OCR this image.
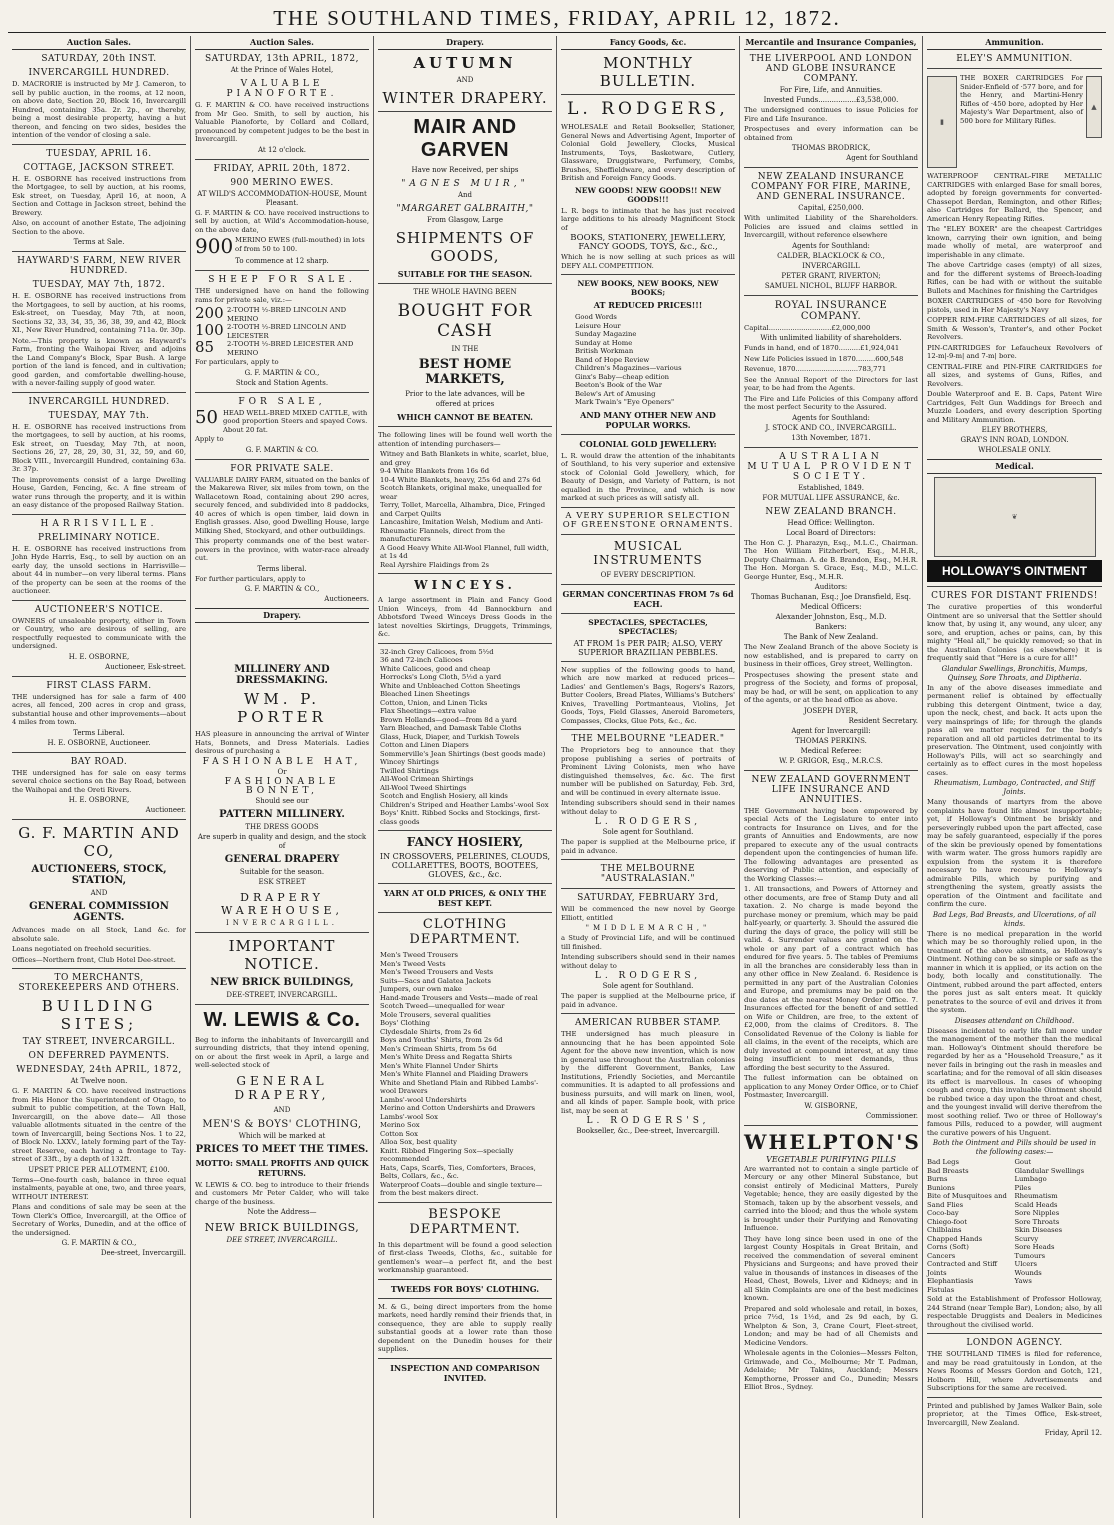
THE SOUTHLAND TIMES, FRIDAY, APRIL 12, 1872.
Auction Sales.
SATURDAY, 20th INST.
INVERCARGILL HUNDRED.
D. MACRORIE is instructed by Mr J. Cameron, to sell by public auction, in the rooms, at 12 noon, on above date, Section 20, Block 16, Invercargill Hundred, containing 35a. 2r. 2p., or thereby, being a most desirable property, having a hut thereon, and fencing on two sides, besides the intention of the vendor of closing a sale.
TUESDAY, APRIL 16.
COTTAGE, JACKSON STREET.
H. E. OSBORNE has received instructions from the Mortgagee, to sell by auction, at his rooms, Esk street, on Tuesday, April 16, at noon, A Section and Cottage in Jackson street, behind the Brewery.
Also, on account of another Estate, The adjoining Section to the above.
Terms at Sale.
HAYWARD'S FARM, NEW RIVER HUNDRED.
TUESDAY, MAY 7th, 1872.
H. E. OSBORNE has received instructions from the Mortgagees, to sell by auction, at his rooms, Esk-street, on Tuesday, May 7th, at noon, Sections 32, 33, 34, 35, 36, 38, 39, and 42, Block XI., New River Hundred, containing 711a. 0r. 30p.
Note.—This property is known as Hayward's Farm, fronting the Waihopai River, and adjoins the Land Company's Block, Spar Bush. A large portion of the land is fenced, and in cultivation; good garden, and comfortable dwelling-house, with a never-failing supply of good water.
INVERCARGILL HUNDRED.
TUESDAY, MAY 7th.
H. E. OSBORNE has received instructions from the mortgagees, to sell by auction, at his rooms, Esk street, on Tuesday, May 7th, at noon, Sections 26, 27, 28, 29, 30, 31, 32, 59, and 60, Block VIII., Invercargill Hundred, containing 63a. 3r. 37p.
The improvements consist of a large Dwelling House, Garden, Fencing, &c. A fine stream of water runs through the property, and it is within an easy distance of the proposed Railway Station.
HARRISVILLE.
PRELIMINARY NOTICE.
H. E. OSBORNE has received instructions from John Hyde Harris, Esq., to sell by auction on an early day, the unsold sections in Harrisville—about 44 in number—on very liberal terms. Plans of the property can be seen at the rooms of the auctioneer.
AUCTIONEER'S NOTICE.
OWNERS of unsaleable property, either in Town or Country, who are desirous of selling, are respectfully requested to communicate with the undersigned.
H. E. OSBORNE,
Auctioneer, Esk-street.
FIRST CLASS FARM.
THE undersigned has for sale a farm of 400 acres, all fenced, 200 acres in crop and grass, substantial house and other improvements—about 4 miles from town.
Terms Liberal.
H. E. OSBORNE, Auctioneer.
BAY ROAD.
THE undersigned has for sale on easy terms several choice sections on the Bay Road, between the Waihopai and the Oreti Rivers.
H. E. OSBORNE,
Auctioneer.
G. F. MARTIN AND CO,
AUCTIONEERS, STOCK, STATION,
AND
GENERAL COMMISSION AGENTS.
Advances made on all Stock, Land &c. for absolute sale.
Loans negotiated on freehold securities.
Offices—Northern front, Club Hotel Dee-street.
TO MERCHANTS, STOREKEEPERS AND OTHERS.
BUILDING SITES;
TAY STREET, INVERCARGILL.
ON DEFERRED PAYMENTS.
WEDNESDAY, 24th APRIL, 1872,
At Twelve noon.
G. F. MARTIN & CO. have received instructions from His Honor the Superintendent of Otago, to submit to public competition, at the Town Hall, Invercargill, on the above date— All those valuable allotments situated in the centre of the town of Invercargill, being Sections Nos. 1 to 22, of Block No. LXXV., lately forming part of the Tay-street Reserve, each having a frontage to Tay-street of 33ft., by a depth of 132ft.
UPSET PRICE PER ALLOTMENT, £100.
Terms—One-fourth cash, balance in three equal instalments, payable at one, two, and three years, WITHOUT INTEREST.
Plans and conditions of sale may be seen at the Town Clerk's Office, Invercargill, at the Office of Secretary of Works, Dunedin, and at the office of the undersigned.
G. F. MARTIN & CO.,
Dee-street, Invercargill.
Auction Sales.
SATURDAY, 13th APRIL, 1872,
At the Prince of Wales Hotel,
VALUABLE PIANOFORTE.
G. F. MARTIN & CO. have received instructions from Mr Geo. Smith, to sell by auction, his Valuable Pianoforte, by Collard and Collard, pronounced by competent judges to be the best in Invercargill.
At 12 o'clock.
FRIDAY, APRIL 20th, 1872.
900 MERINO EWES.
AT WILD'S ACCOMMODATION-HOUSE, Mount Pleasant.
G. F. MARTIN & CO. have received instructions to sell by auction, at Wild's Accommodation-house, on the above date,
900 MERINO EWES (full-mouthed) in lots of from 50 to 100.
To commence at 12 sharp.
SHEEP FOR SALE.
THE undersigned have on hand the following rams for private sale, viz.:—
200 2-TOOTH ½-BRED LINCOLN AND MERINO
100 2-TOOTH ½-BRED LINCOLN AND LEICESTER
85	2-TOOTH ½-BRED LEICESTER AND MERINO
For particulars, apply to
G. F. MARTIN & CO.,
Stock and Station Agents.
FOR SALE,
50 HEAD WELL-BRED MIXED CATTLE, with good proportion Steers and spayed Cows. About 20 fat.
Apply to
G. F. MARTIN & CO.
FOR PRIVATE SALE.
VALUABLE DAIRY FARM, situated on the banks of the Makarewa River, six miles from town, on the Wallacetown Road, containing about 290 acres, securely fenced, and subdivided into 8 paddocks, 40 acres of which is open timber, laid down in English grasses. Also, good Dwelling House, large Milking Shed, Stockyard, and other outbuildings.
This property commands one of the best water-powers in the province, with water-race already cut.
Terms liberal.
For further particulars, apply to
G. F. MARTIN & CO.,
Auctioneers.
Drapery.
MILLINERY AND DRESSMAKING.
WM. P. PORTER
HAS pleasure in announcing the arrival of Winter Hats, Bonnets, and Dress Materials. Ladies desirous of purchasing a
FASHIONABLE HAT,
Or
FASHIONABLE BONNET,
Should see our
PATTERN MILLINERY.
THE DRESS GOODS
Are superb in quality and design, and the stock of
GENERAL DRAPERY
Suitable for the season.
ESK STREET
DRAPERY WAREHOUSE,
INVERCARGILL.
IMPORTANT NOTICE.
NEW BRICK BUILDINGS,
DEE-STREET, INVERCARGILL.
W. LEWIS & Co.
Beg to inform the inhabitants of Invercargill and surrounding districts, that they intend opening, on or about the first week in April, a large and well-selected stock of
GENERAL DRAPERY,
AND
MEN'S & BOYS' CLOTHING,
Which will be marked at
PRICES TO MEET THE TIMES.
MOTTO: SMALL PROFITS AND QUICK RETURNS.
W. LEWIS & CO. beg to introduce to their friends and customers Mr Peter Calder, who will take charge of the business.
Note the Address—
NEW BRICK BUILDINGS,
DEE STREET, INVERCARGILL.
Drapery.
AUTUMN
AND
WINTER DRAPERY.
MAIR AND GARVEN
Have now Received, per ships
"AGNES MUIR,"
And
"MARGARET GALBRAITH,"
From Glasgow, Large
SHIPMENTS OF GOODS,
SUITABLE FOR THE SEASON.
THE WHOLE HAVING BEEN
BOUGHT FOR CASH
IN THE
BEST HOME MARKETS,
Prior to the late advances, will be
offered at prices
WHICH CANNOT BE BEATEN.
The following lines will be found well worth the attention of intending purchasers—
Witney and Bath Blankets in white, scarlet, blue, and grey
9-4 White Blankets from 16s 6d
10-4 White Blankets, heavy, 25s 6d and 27s 6d
Scotch Blankets, original make, unequalled for wear
Terry, Tollet, Marcella, Alhambra, Dice, Fringed and Carpet Quilts
Lancashire, Imitation Welsh, Medium and Anti-Rheumatic Flannels, direct from the manufacturers
A Good Heavy White All-Wool Flannel, full width, at 1s 4d
Real Ayrshire Flaidings from 2s
WINCEYS.
A large assortment in Plain and Fancy Good Union Winceys, from 4d Bannockburn and Abbotsford Tweed Winceys Dress Goods in the latest novelties Skirtings, Druggets, Trimmings, &c.
32-inch Grey Calicoes, from 5½d
36 and 72-inch Calicoes
White Calicoes, good and cheap
Horrocks's Long Cloth, 5½d a yard
White and Unbleached Cotton Sheetings
Bleached Linen Sheetings
Cotton, Union, and Linen Ticks
Flax Sheetings—extra value
Brown Hollands—good—from 8d a yard
Yarn Bleached, and Damask Table Cloths
Glass, Huck, Diaper, and Turkish Towels
Cotton and Linen Diapers
Sommerville's Jean Shirtings (best goods made)
Wincey Shirtings
Twilled Shirtings
All-Wool Crimean Shirtings
All-Wool Tweed Shirtings
Scotch and English Hosiery, all kinds
Children's Striped and Heather Lambs'-wool Sox
Boys' Knitt. Ribbed Socks and Stockings, first-class goods
FANCY HOSIERY,
IN CROSSOVERS, PELERINES, CLOUDS, COLLARETTES, BOOTS, BOOTEES, GLOVES, &c., &c.
YARN AT OLD PRICES, & ONLY THE BEST KEPT.
CLOTHING DEPARTMENT.
Men's Tweed Trousers
Men's Tweed Vests
Men's Tweed Trousers and Vests
Suits—Sacs and Galatea Jackets
Jumpers, our own make
Hand-made Trousers and Vests—made of real Scotch Tweed—unequalled for wear
Mole Trousers, several qualities
Boys' Clothing
Clydesdale Shirts, from 2s 6d
Boys and Youths' Shirts, from 2s 6d
Men's Crimean Shirts, from 5s 6d
Men's White Dress and Regatta Shirts
Men's White Flannel Under Shirts
Men's White Flannel and Plaiding Drawers
White and Shetland Plain and Ribbed Lambs'-wool Drawers
Lambs'-wool Undershirts
Merino and Cotton Undershirts and Drawers
Lambs'-wool Sox
Merino Sox
Cotton Sox
Alloa Sox, best quality
Knitt. Ribbed Fingering Sox—specially recommended
Hats, Caps, Scarfs, Ties, Comforters, Braces, Belts, Collars, &c., &c.
Waterproof Coats—double and single texture—from the best makers direct.
BESPOKE DEPARTMENT.
In this department will be found a good selection of first-class Tweeds, Cloths, &c., suitable for gentlemen's wear—a perfect fit, and the best workmanship guaranteed.
TWEEDS FOR BOYS' CLOTHING.
M. & G., being direct importers from the home markets, need hardly remind their friends that, in consequence, they are able to supply really substantial goods at a lower rate than those dependent on the Dunedin houses for their supplies.
INSPECTION AND COMPARISON INVITED.
Fancy Goods, &c.
MONTHLY BULLETIN.
L. RODGERS,
WHOLESALE and Retail Bookseller, Stationer, General News and Advertising Agent, Importer of Colonial Gold Jewellery, Clocks, Musical Instruments, Toys, Basketware, Cutlery, Glassware, Druggistware, Perfumery, Combs, Brushes, Sheffieldware, and every description of British and Foreign Fancy Goods.
NEW GOODS! NEW GOODS!! NEW GOODS!!!
L. R. begs to intimate that he has just received large additions to his already Magnificent Stock of
BOOKS, STATIONERY, JEWELLERY, FANCY GOODS, TOYS, &c., &c.,
Which he is now selling at such prices as will DEFY ALL COMPETITION.
NEW BOOKS, NEW BOOKS, NEW BOOKS;
AT REDUCED PRICES!!!
Good Words
Leisure Hour
Sunday Magazine
Sunday at Home
British Workman
Band of Hope Review
Children's Magazines—various
Ginx's Baby—cheap edition
Beeton's Book of the War
Belew's Art of Amusing
Mark Twain's "Eye Openers"
AND MANY OTHER NEW AND POPULAR WORKS.
COLONIAL GOLD JEWELLERY:
L. R. would draw the attention of the inhabitants of Southland, to his very superior and extensive stock of Colonial Gold Jewellery, which, for Beauty of Design, and Variety of Pattern, is not equalled in the Province, and which is now marked at such prices as will satisfy all.
A VERY SUPERIOR SELECTION OF GREENSTONE ORNAMENTS.
MUSICAL INSTRUMENTS
OF EVERY DESCRIPTION.
GERMAN CONCERTINAS FROM 7s 6d EACH.
SPECTACLES, SPECTACLES, SPECTACLES;
AT FROM 1s PER PAIR; ALSO, VERY SUPERIOR BRAZILIAN PEBBLES.
New supplies of the following goods to hand, which are now marked at reduced prices— Ladies' and Gentlemen's Bags, Rogers's Razors, Butter Coolers, Bread Plates, Williams's Butchers' Knives, Travelling Portmanteaus, Violins, Jet Goods, Toys, Field Glasses, Aneroid Barometers, Compasses, Clocks, Glue Pots, &c., &c.
THE MELBOURNE "LEADER."
The Proprietors beg to announce that they propose publishing a series of portraits of Prominent Living Colonists, men who have distinguished themselves, &c. &c. The first number will be published on Saturday, Feb. 3rd, and will be continued in every alternate issue.
Intending subscribers should send in their names without delay to
L. RODGERS,
Sole agent for Southland.
The paper is supplied at the Melbourne price, if paid in advance.
THE MELBOURNE "AUSTRALASIAN."
SATURDAY, FEBRUARY 3rd,
Will be commenced the new novel by George Elliott, entitled
"MIDDLEMARCH,"
a Study of Provincial Life, and will be continued till finished.
Intending subscribers should send in their names without delay to
L. RODGERS,
Sole agent for Southland.
The paper is supplied at the Melbourne price, if paid in advance.
AMERICAN RUBBER STAMP.
THE undersigned has much pleasure in announcing that he has been appointed Sole Agent for the above new invention, which is now in general use throughout the Australian colonies by the different Government, Banks, Law Institutions, Friendly Societies, and Mercantile communities. It is adapted to all professions and business pursuits, and will mark on linen, wool, and all kinds of paper. Sample book, with price list, may be seen at
L. RODGERS'S,
Bookseller, &c., Dee-street, Invercargill.
Mercantile and Insurance Companies,
THE LIVERPOOL AND LONDON AND GLOBE INSURANCE COMPANY.
For Fire, Life, and Annuities.
Invested Funds.................£3,538,000.
The undersigned continues to issue Policies for Fire and Life Insurance.
Prospectuses and every information can be obtained from
THOMAS BRODRICK,
Agent for Southland
NEW ZEALAND INSURANCE COMPANY FOR FIRE, MARINE, AND GENERAL INSURANCE.
Capital, £250,000.
With unlimited Liability of the Shareholders. Policies are issued and claims settled in Invercargill, without reference elsewhere
Agents for Southland:
CALDER, BLACKLOCK & CO.,
INVERCARGILL
PETER GRANT, RIVERTON;
SAMUEL NICHOL, BLUFF HARBOR.
ROYAL INSURANCE COMPANY.
Capital.............................£2,000,000
With unlimited liability of shareholders.
Funds in hand, end of 1870..........£1,924,041
New Life Policies issued in 1870.........600,548
Revenue, 1870.............................783,771
See the Annual Report of the Directors for last year, to be had from the Agents.
The Fire and Life Policies of this Company afford the most perfect Security to the Assured.
Agents for Southland:
J. STOCK AND CO., INVERCARGILL.
13th November, 1871.
AUSTRALIAN MUTUAL PROVIDENT SOCIETY.
Established, 1849.
FOR MUTUAL LIFE ASSURANCE, &c.
NEW ZEALAND BRANCH.
Head Office: Wellington.
Local Board of Directors:
The Hon C. J. Pharazyn, Esq., M.L.C., Chairman. The Hon William Fitzherbert, Esq., M.H.R., Deputy Chairman. A. de B. Brandon, Esq., M.H.R. The Hon. Morgan S. Grace, Esq., M.D., M.L.C. George Hunter, Esq., M.H.R.
Auditors:
Thomas Buchanan, Esq.; Joe Dransfield, Esq.
Medical Officers:
Alexander Johnston, Esq., M.D.
Bankers:
The Bank of New Zealand.
The New Zealand Branch of the above Society is now established, and is prepared to carry on business in their offices, Grey street, Wellington.
Prospectuses showing the present state and progress of the Society, and forms of proposal, may be had, or will be sent, on application to any of the agents, or at the head office as above.
JOSEPH DYER,
Resident Secretary.
Agent for Invercargill:
THOMAS PERKINS.
Medical Referee:
W. P. GRIGOR, Esq., M.R.C.S.
NEW ZEALAND GOVERNMENT LIFE INSURANCE AND ANNUITIES.
THE Government having been empowered by special Acts of the Legislature to enter into contracts for Insurance on Lives, and for the grants of Annuities and Endowments, are now prepared to execute any of the usual contracts dependent upon the contingencies of human life. The following advantages are presented as deserving of Public attention, and especially of the Working Classes:—
1. All transactions, and Powers of Attorney and other documents, are free of Stamp Duty and all taxation. 2. No charge is made beyond the purchase money or premium, which may be paid half-yearly, or quarterly. 3. Should the assured die during the days of grace, the policy will still be valid. 4. Surrender values are granted on the whole or any part of a contract which has endured for five years. 5. The tables of Premiums in all the branches are considerably less than in any other office in New Zealand. 6. Residence is permitted in any part of the Australian Colonies and Europe, and premiums may be paid on the due dates at the nearest Money Order Office. 7. Insurances effected for the benefit of and settled on Wife or Children, are free, to the extent of £2,000, from the claims of Creditors. 8. The Consolidated Revenue of the Colony is liable for all claims, in the event of the receipts, which are duly invested at compound interest, at any time being insufficient to meet demands, thus affording the best security to the Assured.
The fullest information can be obtained on application to any Money Order Office, or to Chief Postmaster, Invercargill.
W. GISBORNE,
Commissioner.
WHELPTON'S
VEGETABLE PURIFYING PILLS
Are warranted not to contain a single particle of Mercury or any other Mineral Substance, but consist entirely of Medicinal Matters, Purely Vegetable; hence, they are easily digested by the Stomach, taken up by the absorbent vessels, and carried into the blood; and thus the whole system is brought under their Purifying and Renovating Influence.
They have long since been used in one of the largest County Hospitals in Great Britain, and received the commendation of several eminent Physicians and Surgeons; and have proved their value in thousands of instances in diseases of the Head, Chest, Bowels, Liver and Kidneys; and in all Skin Complaints are one of the best medicines known.
Prepared and sold wholesale and retail, in boxes, price 7½d, 1s 1½d, and 2s 9d each, by G. Whelpton & Son, 3, Crane Court, Fleet-street, London; and may be had of all Chemists and Medicine Vendors.
Wholesale agents in the Colonies—Messrs Felton, Grimwade, and Co., Melbourne; Mr T. Padman, Adelaide; Mr Takins, Auckland; Messrs Kempthorne, Prosser and Co., Dunedin; Messrs Elliot Bros., Sydney.
Ammunition.
ELEY'S AMMUNITION.
▮
THE BOXER CARTRIDGES For Snider-Enfield of ·577 bore, and for the Henry, and Martini-Henry Rifles of ·450 bore, adopted by Her Majesty's War Department, also of 500 bore for Military Rifles.
▲
WATERPROOF CENTRAL-FIRE METALLIC CARTRIDGES with enlarged Base for small bores, adopted by foreign governments for converted-Chassepot Berdan, Remington, and other Rifles; also Cartridges for Ballard, the Spencer, and American Henry Repeating Rifles.
The "ELEY BOXER" are the cheapest Cartridges known, carrying their own ignition, and being made wholly of metal, are waterproof and imperishable in any climate.
The above Cartridge cases (empty) of all sizes, and for the different systems of Breech-loading Rifles, can be had with or without the suitable Bullets and Machines for finishing the Cartridges
BOXER CARTRIDGES of ·450 bore for Revolving pistols, used in Her Majesty's Navy
COPPER RIM-FIRE CARTRIDGES of all sizes, for Smith & Wesson's, Tranter's, and other Pocket Revolvers.
PIN-CARTRIDGES for Lefaucheux Revolvers of 12-m|-9-m| and 7-m| bore.
CENTRAL-FIRE and PIN-FIRE CARTRIDGES for all sizes, and systems of Guns, Rifles, and Revolvers.
Double Waterproof and E. B. Caps, Patent Wire Cartridges, Felt Gun Waddings for Breech and Muzzle Loaders, and every description Sporting and Military Ammunition.
ELEY BROTHERS,
GRAY'S INN ROAD, LONDON.
WHOLESALE ONLY.
Medical.
❦
HOLLOWAY'S OINTMENT
CURES FOR DISTANT FRIENDS!
The curative properties of this wonderful Ointment are so universal that the Settler should know that, by using it, any wound, any ulcer, any sore, and eruption, aches or pains, can, by this mighty "Heal all," be quickly removed; so that in the Australian Colonies (as elsewhere) it is frequently said that "Here is a cure for all!"
Glandular Swellings, Bronchitis, Mumps, Quinsey, Sore Throats, and Diptheria.
In any of the above diseases immediate and permanent relief is obtained by effectually rubbing this detergent Ointment, twice a day, upon the neck, chest, and back. It acts upon the very mainsprings of life; for through the glands pass all we matter required for the body's reparation and all old particles detrimental to its preservation. The Ointment, used conjointly with Holloway's Pills, will act so searchingly and certainly as to effect cures in the most hopeless cases.
Rheumatism, Lumbago, Contracted, and Stiff Joints.
Many thousands of martyrs from the above complaints have found life almost insupportable; yet, if Holloway's Ointment be briskly and perseveringly rubbed upon the part affected, case may be safely guaranteed, especially if the pores of the skin be previously opened by fomentations with warm water. The gross humors rapidly are expulsion from the system it is therefore necessary to have recourse to Holloway's admirable Pills, which by purifying and strengthening the system, greatly assists the operation of the Ointment and facilitate and confirm the cure.
Bad Legs, Bad Breasts, and Ulcerations, of all kinds.
There is no medical preparation in the world which may be so thoroughly relied upon, in the treatment of the above ailments, as Holloway's Ointment. Nothing can be so simple or safe as the manner in which it is applied, or its action on the body, both locally and constitutionally. The Ointment, rubbed around the part affected, enters the pores just as salt enters meat. It quickly penetrates to the source of evil and drives it from the system.
Diseases attendant on Childhood.
Diseases incidental to early life fall more under the management of the mother than the medical man. Holloway's Ointment should therefore be regarded by her as a "Household Treasure," as it never fails in bringing out the rash in measles and scarlatina; and for the removal of all skin diseases its effect is marvellous. In cases of whooping cough and croup, this invaluable Ointment should be rubbed twice a day upon the throat and chest, and the youngest invalid will derive therefrom the most soothing relief. Two or three of Holloway's famous Pills, reduced to a powder, will augment the curative powers of his Unguent.
Both the Ointment and Pills should be used in the following cases:—
Bad Legs
Bad Breasts
Burns
Bunions
Bite of Musquitoes and Sand Flies
Coco-bay
Chiego-foot
Chilblains
Chapped Hands
Corns (Soft)
Cancers
Contracted and Stiff Joints
Elephantiasis
Fistulas
Gout
Glandular Swellings
Lumbago
Piles
Rheumatism
Scald Heads
Sore Nipples
Sore Throats
Skin Diseases
Scurvy
Sore Heads
Tumours
Ulcers
Wounds
Yaws
Sold at the Establishment of Professor Holloway, 244 Strand (near Temple Bar), London; also, by all respectable Druggists and Dealers in Medicines throughout the civilised world.
LONDON AGENCY.
THE SOUTHLAND TIMES is filed for reference, and may be read gratuitously in London, at the News Rooms of Messrs Gordon and Gotch, 121, Holborn Hill, where Advertisements and Subscriptions for the same are received.
Printed and published by James Walker Bain, sole proprietor, at the Times Office, Esk-street, Invercargill, New Zealand.
Friday, April 12.
